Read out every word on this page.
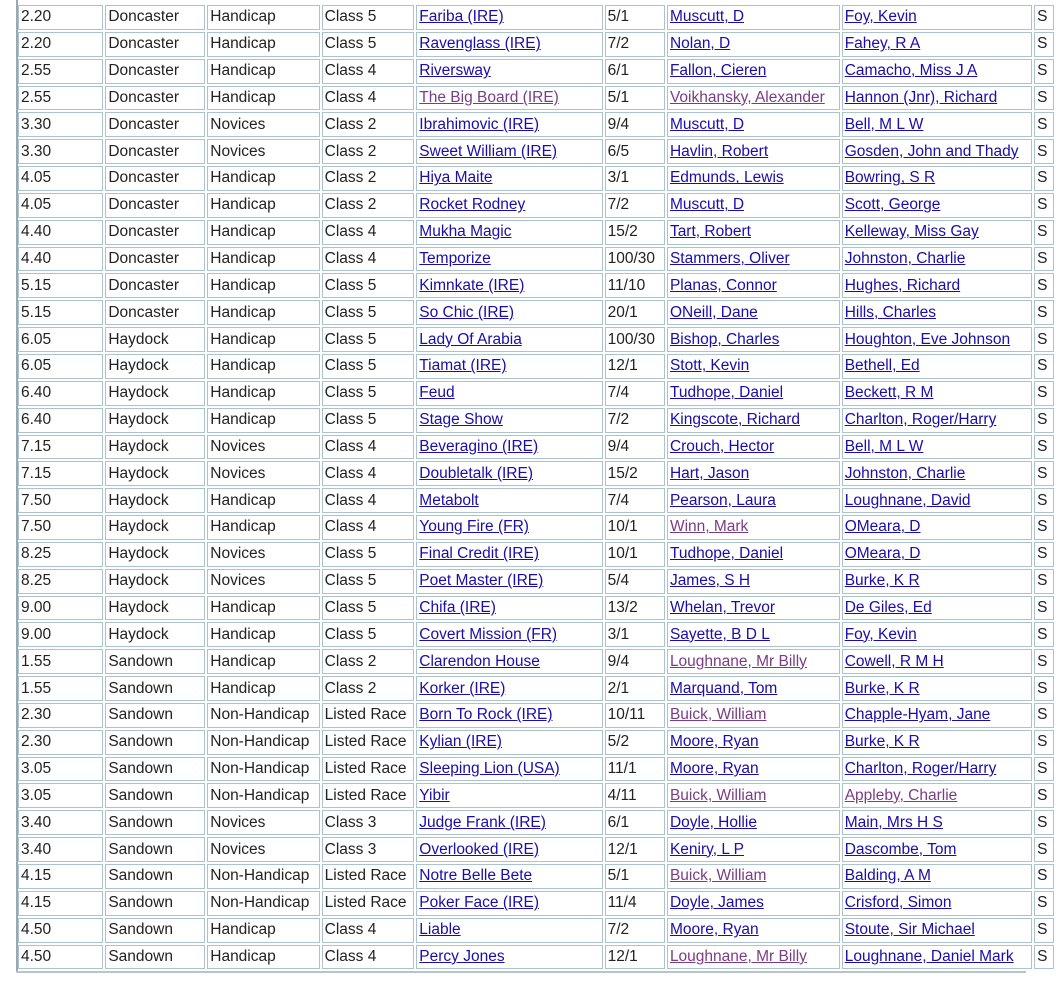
2.20	Doncaster	Handicap	Class 5	Fariba (IRE)	5/1	Muscutt, D	Foy, Kevin	S
2.20	Doncaster	Handicap	Class 5	Ravenglass (IRE)	7/2	Nolan, D	Fahey, R A	S
2.55	Doncaster	Handicap	Class 4	Riversway	6/1	Fallon, Cieren	Camacho, Miss J A	S
2.55	Doncaster	Handicap	Class 4	The Big Board (IRE)	5/1	Voikhansky, Alexander	Hannon (Jnr), Richard	S
3.30	Doncaster	Novices	Class 2	Ibrahimovic (IRE)	9/4	Muscutt, D	Bell, M L W	S
3.30	Doncaster	Novices	Class 2	Sweet William (IRE)	6/5	Havlin, Robert	Gosden, John and Thady	S
4.05	Doncaster	Handicap	Class 2	Hiya Maite	3/1	Edmunds, Lewis	Bowring, S R	S
4.05	Doncaster	Handicap	Class 2	Rocket Rodney	7/2	Muscutt, D	Scott, George	S
4.40	Doncaster	Handicap	Class 4	Mukha Magic	15/2	Tart, Robert	Kelleway, Miss Gay	S
4.40	Doncaster	Handicap	Class 4	Temporize	100/30	Stammers, Oliver	Johnston, Charlie	S
5.15	Doncaster	Handicap	Class 5	Kimnkate (IRE)	11/10	Planas, Connor	Hughes, Richard	S
5.15	Doncaster	Handicap	Class 5	So Chic (IRE)	20/1	ONeill, Dane	Hills, Charles	S
6.05	Haydock	Handicap	Class 5	Lady Of Arabia	100/30	Bishop, Charles	Houghton, Eve Johnson	S
6.05	Haydock	Handicap	Class 5	Tiamat (IRE)	12/1	Stott, Kevin	Bethell, Ed	S
6.40	Haydock	Handicap	Class 5	Feud	7/4	Tudhope, Daniel	Beckett, R M	S
6.40	Haydock	Handicap	Class 5	Stage Show	7/2	Kingscote, Richard	Charlton, Roger/Harry	S
7.15	Haydock	Novices	Class 4	Beveragino (IRE)	9/4	Crouch, Hector	Bell, M L W	S
7.15	Haydock	Novices	Class 4	Doubletalk (IRE)	15/2	Hart, Jason	Johnston, Charlie	S
7.50	Haydock	Handicap	Class 4	Metabolt	7/4	Pearson, Laura	Loughnane, David	S
7.50	Haydock	Handicap	Class 4	Young Fire (FR)	10/1	Winn, Mark	OMeara, D	S
8.25	Haydock	Novices	Class 5	Final Credit (IRE)	10/1	Tudhope, Daniel	OMeara, D	S
8.25	Haydock	Novices	Class 5	Poet Master (IRE)	5/4	James, S H	Burke, K R	S
9.00	Haydock	Handicap	Class 5	Chifa (IRE)	13/2	Whelan, Trevor	De Giles, Ed	S
9.00	Haydock	Handicap	Class 5	Covert Mission (FR)	3/1	Sayette, B D L	Foy, Kevin	S
1.55	Sandown	Handicap	Class 2	Clarendon House	9/4	Loughnane, Mr Billy	Cowell, R M H	S
1.55	Sandown	Handicap	Class 2	Korker (IRE)	2/1	Marquand, Tom	Burke, K R	S
2.30	Sandown	Non-Handicap	Listed Race	Born To Rock (IRE)	10/11	Buick, William	Chapple-Hyam, Jane	S
2.30	Sandown	Non-Handicap	Listed Race	Kylian (IRE)	5/2	Moore, Ryan	Burke, K R	S
3.05	Sandown	Non-Handicap	Listed Race	Sleeping Lion (USA)	11/1	Moore, Ryan	Charlton, Roger/Harry	S
3.05	Sandown	Non-Handicap	Listed Race	Yibir	4/11	Buick, William	Appleby, Charlie	S
3.40	Sandown	Novices	Class 3	Judge Frank (IRE)	6/1	Doyle, Hollie	Main, Mrs H S	S
3.40	Sandown	Novices	Class 3	Overlooked (IRE)	12/1	Keniry, L P	Dascombe, Tom	S
4.15	Sandown	Non-Handicap	Listed Race	Notre Belle Bete	5/1	Buick, William	Balding, A M	S
4.15	Sandown	Non-Handicap	Listed Race	Poker Face (IRE)	11/4	Doyle, James	Crisford, Simon	S
4.50	Sandown	Handicap	Class 4	Liable	7/2	Moore, Ryan	Stoute, Sir Michael	S
4.50	Sandown	Handicap	Class 4	Percy Jones	12/1	Loughnane, Mr Billy	Loughnane, Daniel Mark	S
